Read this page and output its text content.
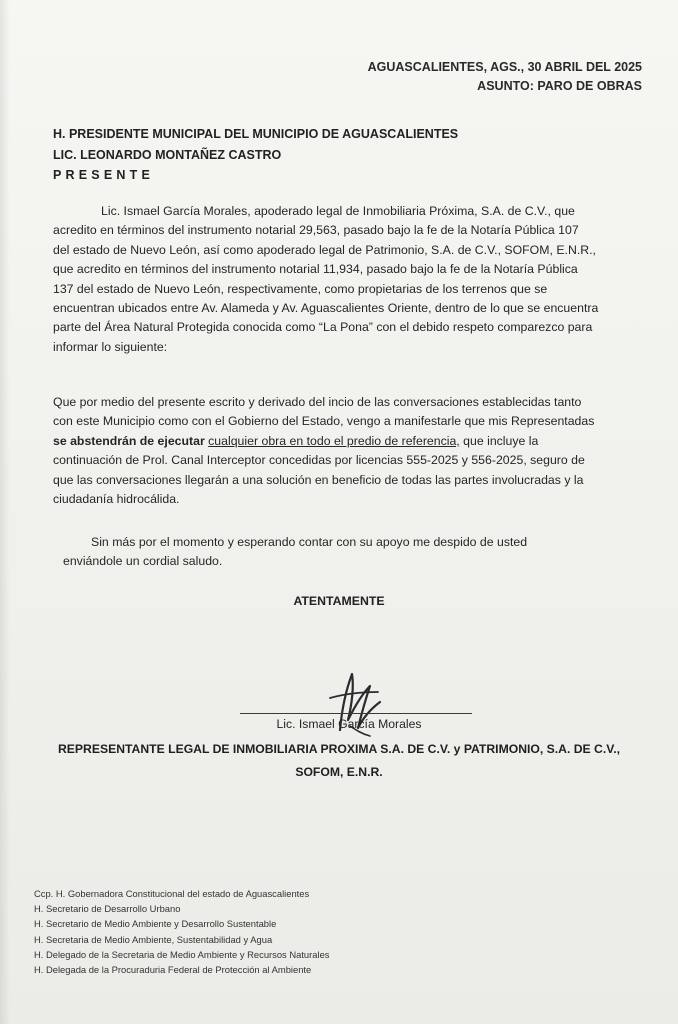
AGUASCALIENTES, AGS., 30 ABRIL DEL 2025
ASUNTO: PARO DE OBRAS
H. PRESIDENTE MUNICIPAL DEL MUNICIPIO DE AGUASCALIENTES
LIC. LEONARDO MONTAÑEZ CASTRO
PRESENTE
Lic. Ismael García Morales, apoderado legal de Inmobiliaria Próxima, S.A. de C.V., que
acredito en términos del instrumento notarial 29,563, pasado bajo la fe de la Notaría Pública 107
del estado de Nuevo León, así como apoderado legal de Patrimonio, S.A. de C.V., SOFOM, E.N.R.,
que acredito en términos del instrumento notarial 11,934, pasado bajo la fe de la Notaría Pública
137 del estado de Nuevo León, respectivamente, como propietarias de los terrenos que se
encuentran ubicados entre Av. Alameda y Av. Aguascalientes Oriente, dentro de lo que se encuentra
parte del Área Natural Protegida conocida como “La Pona” con el debido respeto comparezco para
informar lo siguiente:
Que por medio del presente escrito y derivado del incio de las conversaciones establecidas tanto
con este Municipio como con el Gobierno del Estado, vengo a manifestarle que mis Representadas
se abstendrán de ejecutar cualquier obra en todo el predio de referencia, que incluye la
continuación de Prol. Canal Interceptor concedidas por licencias 555-2025 y 556-2025, seguro de
que las conversaciones llegarán a una solución en beneficio de todas las partes involucradas y la
ciudadanía hidrocálida.
Sin más por el momento y esperando contar con su apoyo me despido de usted
enviándole un cordial saludo.
ATENTAMENTE
Lic. Ismael García Morales
REPRESENTANTE LEGAL DE INMOBILIARIA PROXIMA S.A. DE C.V. y PATRIMONIO, S.A. DE C.V.,
SOFOM, E.N.R.
Ccp. H. Gobernadora Constitucional del estado de Aguascalientes
H. Secretario de Desarrollo Urbano
H. Secretario de Medio Ambiente y Desarrollo Sustentable
H. Secretaria de Medio Ambiente, Sustentabilidad y Agua
H. Delegado de la Secretaria de Medio Ambiente y Recursos Naturales
H. Delegada de la Procuraduria Federal de Protección al Ambiente
